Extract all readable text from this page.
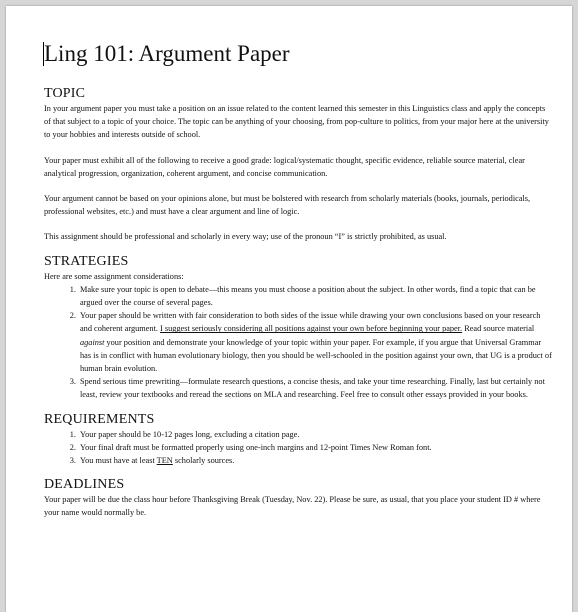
Ling 101: Argument Paper
TOPIC

In your argument paper you must take a position on an issue related to the content learned this semester in this Linguistics class and apply the concepts of that subject to a topic of your choice. The topic can be anything of your choosing, from pop-culture to politics, from your major here at the university to your hobbies and interests outside of school.

Your paper must exhibit all of the following to receive a good grade: logical/systematic thought, specific evidence, reliable source material, clear analytical progression, organization, coherent argument, and concise communication.

Your argument cannot be based on your opinions alone, but must be bolstered with research from scholarly materials (books, journals, periodicals, professional websites, etc.) and must have a clear argument and line of logic.

This assignment should be professional and scholarly in every way; use of the pronoun “I” is strictly prohibited, as usual.

STRATEGIES

Here are some assignment considerations:

1. Make sure your topic is open to debate—this means you must choose a position about the subject. In other words, find a topic that can be argued over the course of several pages.
2. Your paper should be written with fair consideration to both sides of the issue while drawing your own conclusions based on your research and coherent argument. I suggest seriously considering all positions against your own before beginning your paper. Read source material against your position and demonstrate your knowledge of your topic within your paper. For example, if you argue that Universal Grammar has is in conflict with human evolutionary biology, then you should be well-schooled in the position against your own, that UG is a product of human brain evolution.
3. Spend serious time prewriting—formulate research questions, a concise thesis, and take your time researching. Finally, last but certainly not least, review your textbooks and reread the sections on MLA and researching. Feel free to consult other essays provided in your books.
REQUIREMENTS
1. Your paper should be 10-12 pages long, excluding a citation page.
2. Your final draft must be formatted properly using one-inch margins and 12-point Times New Roman font.
3. You must have at least TEN scholarly sources.
DEADLINES

Your paper will be due the class hour before Thanksgiving Break (Tuesday, Nov. 22). Please be sure, as usual, that you place your student ID # where your name would normally be.
